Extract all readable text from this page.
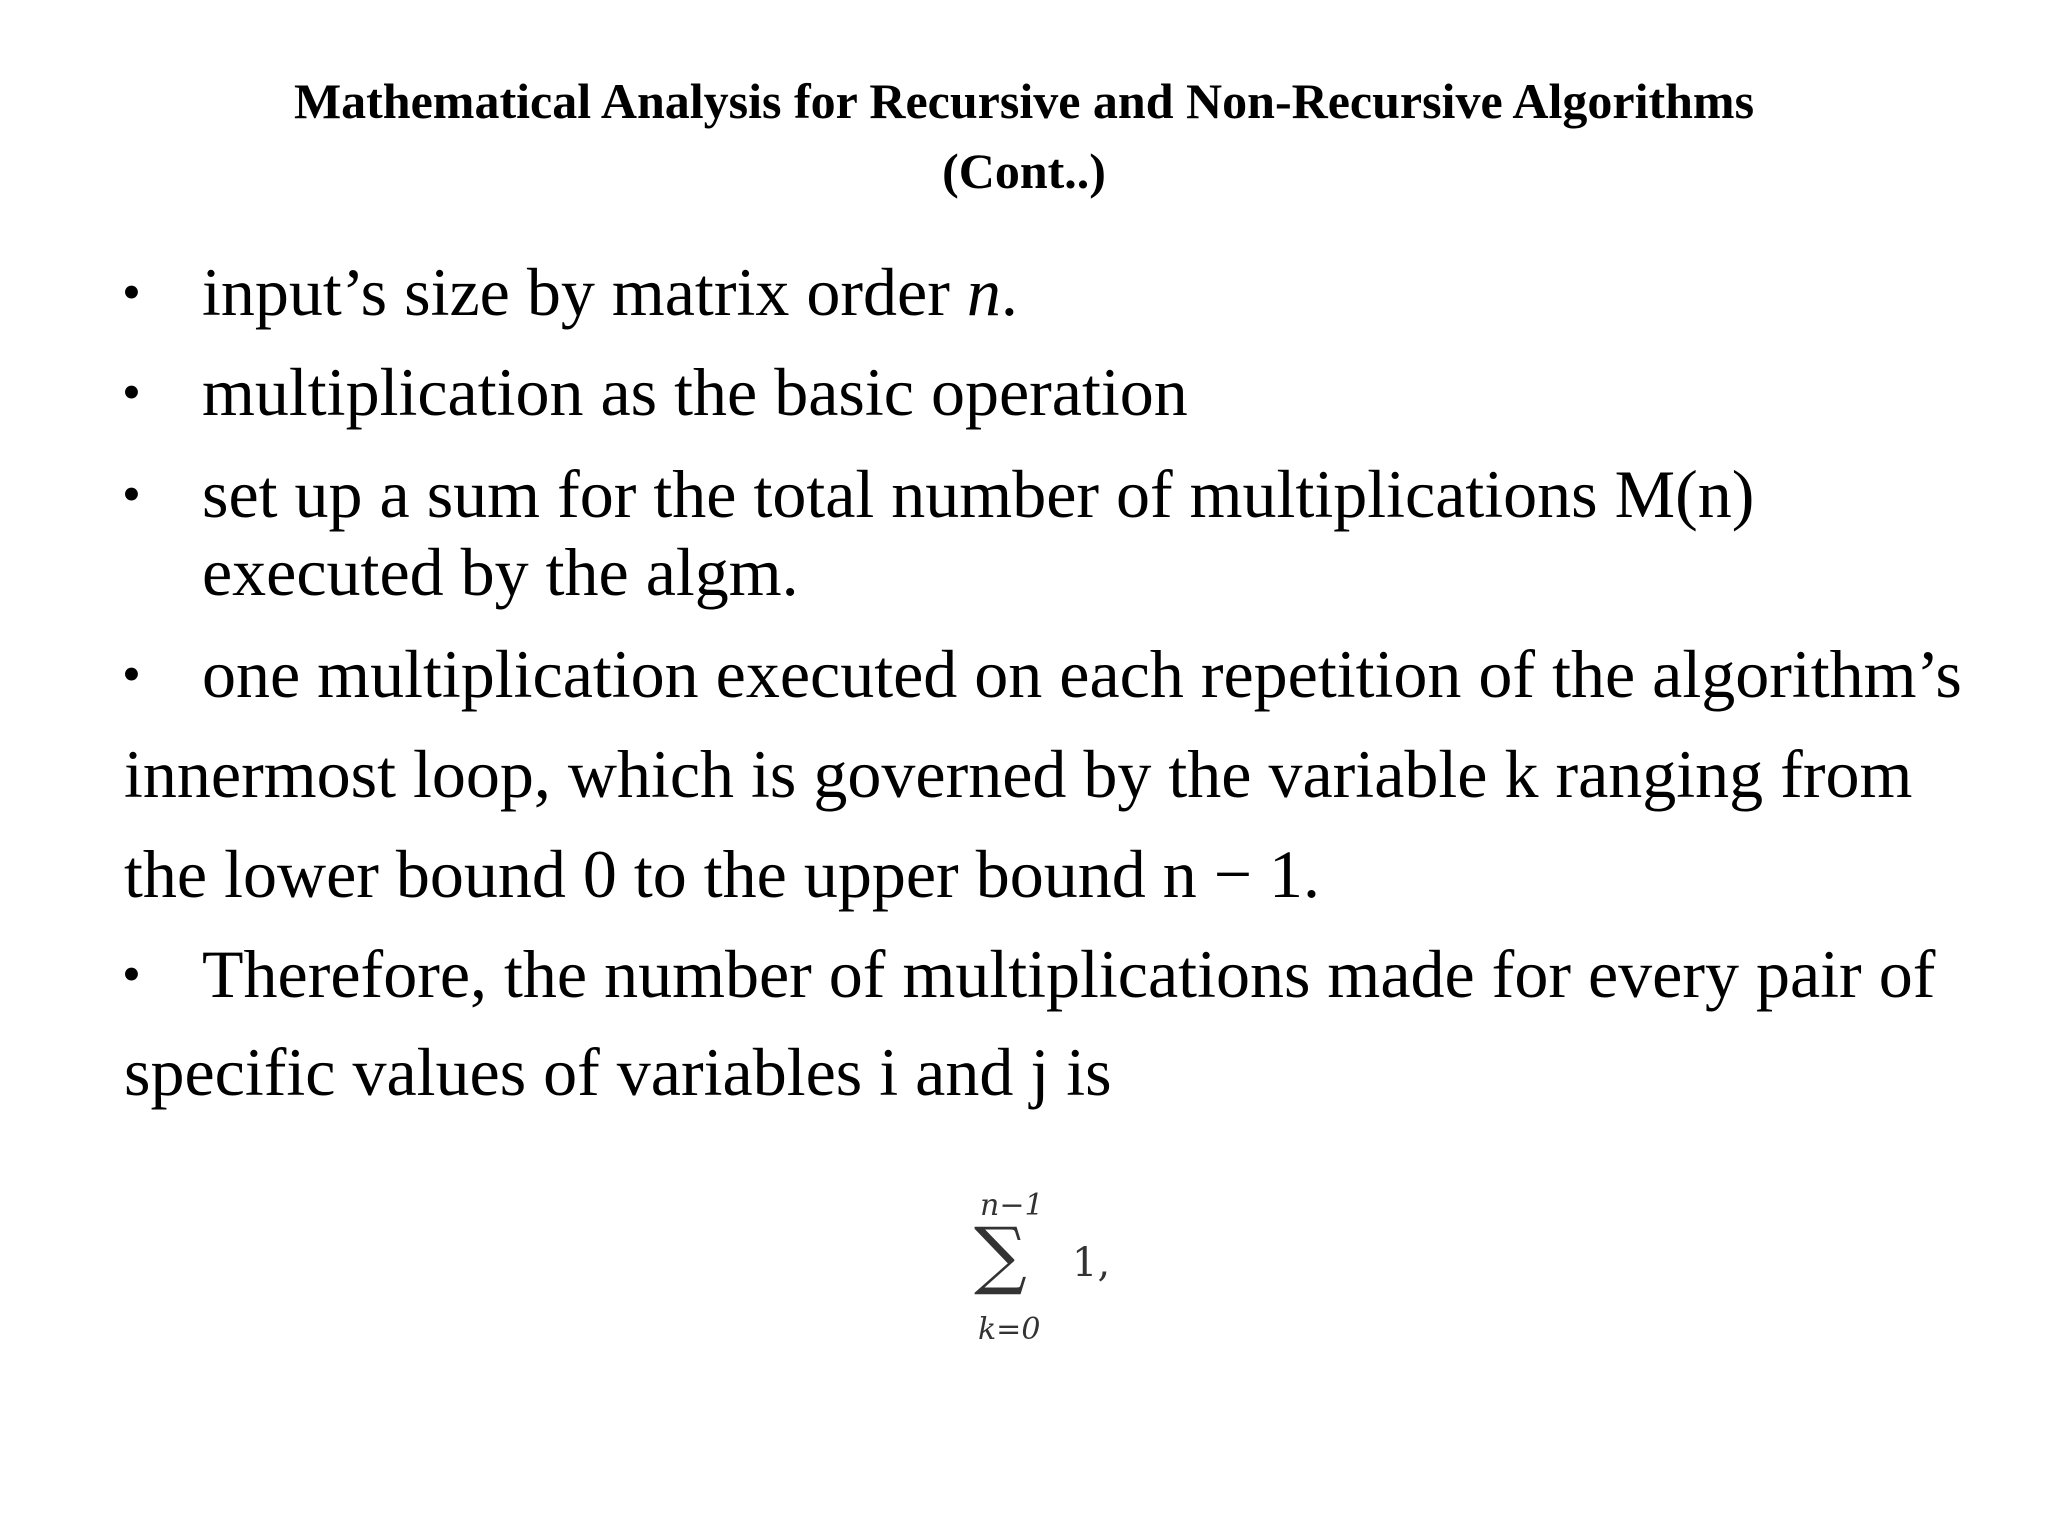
Mathematical Analysis for Recursive and Non-Recursive Algorithms
(Cont..)
• input’s size by matrix order n.
• multiplication as the basic operation
• set up a sum for the total number of multiplications M(n)
executed by the algm.
• one multiplication executed on each repetition of the algorithm’s
innermost loop, which is governed by the variable k ranging from
the lower bound 0 to the upper bound n − 1.
• Therefore, the number of multiplications made for every pair of
specific values of variables i and j is
n−1
∑ 1,
k=0
